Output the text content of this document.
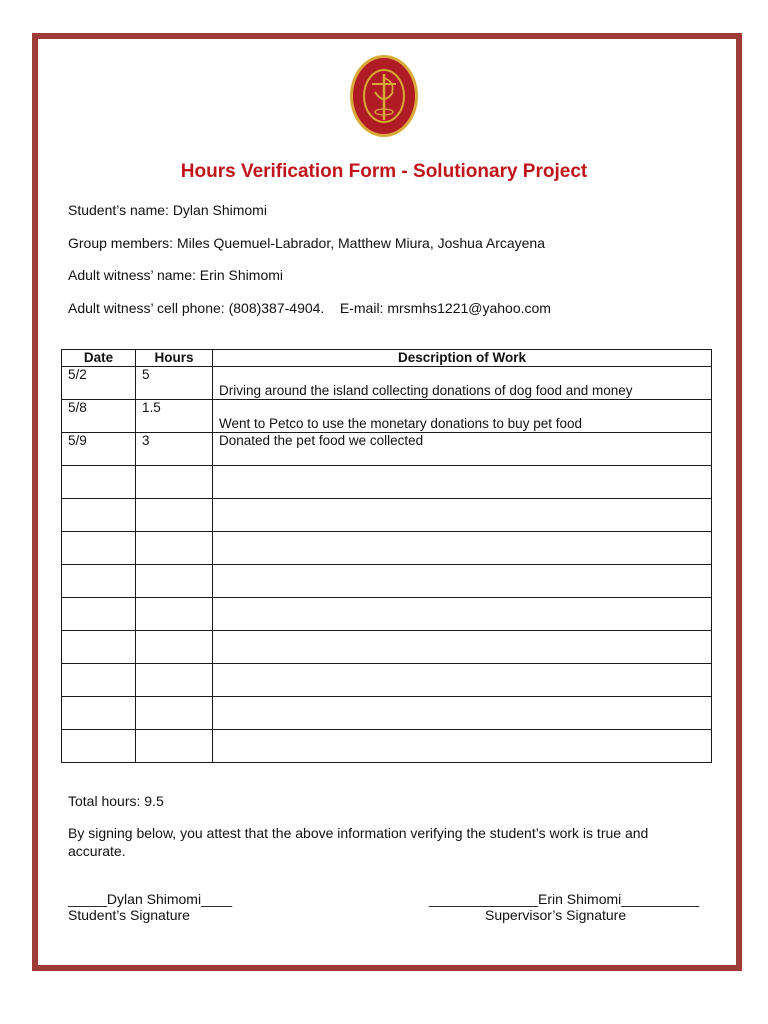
Hours Verification Form - Solutionary Project
Student’s name: Dylan Shimomi
Group members: Miles Quemuel-Labrador, Matthew Miura, Joshua Arcayena
Adult witness’ name: Erin Shimomi
Adult witness’ cell phone: (808)387-4904. E-mail: mrsmhs1221@yahoo.com
Date	Hours	Description of Work
5/2	5	Driving around the island collecting donations of dog food and money

5/8	1.5	Went to Petco to use the monetary donations to buy pet food

5/9	3	Donated the pet food we collected

Total hours: 9.5
By signing below, you attest that the above information verifying the student’s work is true and accurate.
_____Dylan Shimomi____
Student’s Signature
______________Erin Shimomi__________
Supervisor’s Signature
